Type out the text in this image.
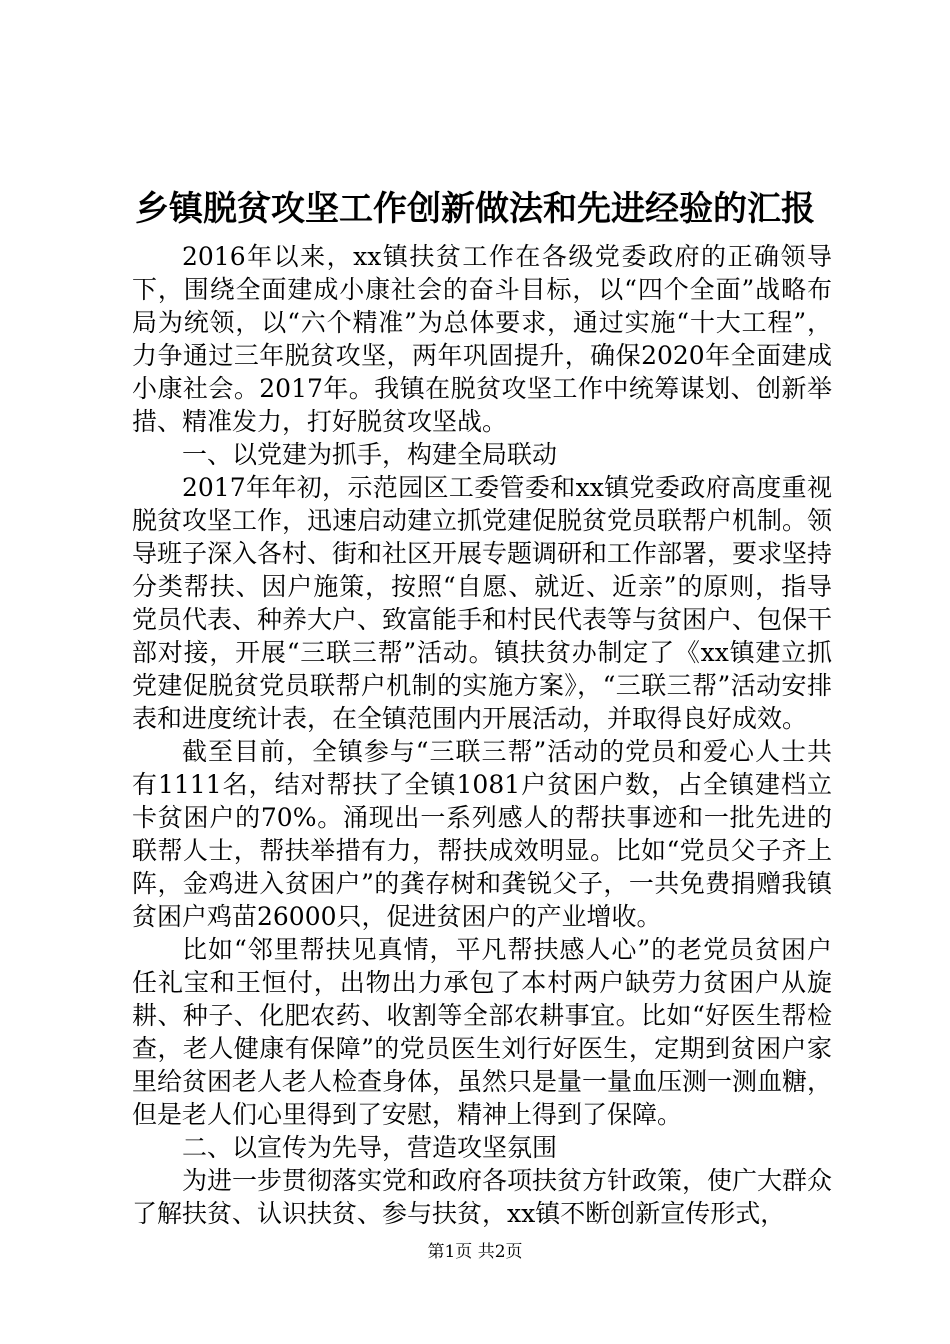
乡镇脱贫攻坚工作创新做法和先进经验的汇报

2016年以来，xx镇扶贫工作在各级党委政府的正确领导下，围绕全面建成小康社会的奋斗目标，以“四个全面”战略布局为统领，以“六个精准”为总体要求，通过实施“十大工程”，力争通过三年脱贫攻坚，两年巩固提升，确保2020年全面建成小康社会。2017年。我镇在脱贫攻坚工作中统筹谋划、创新举措、精准发力，打好脱贫攻坚战。

一、以党建为抓手，构建全局联动

2017年年初，示范园区工委管委和xx镇党委政府高度重视脱贫攻坚工作，迅速启动建立抓党建促脱贫党员联帮户机制。领导班子深入各村、街和社区开展专题调研和工作部署，要求坚持分类帮扶、因户施策，按照“自愿、就近、近亲”的原则，指导党员代表、种养大户、致富能手和村民代表等与贫困户、包保干部对接，开展“三联三帮”活动。镇扶贫办制定了《xx镇建立抓党建促脱贫党员联帮户机制的实施方案》，“三联三帮”活动安排表和进度统计表，在全镇范围内开展活动，并取得良好成效。

截至目前，全镇参与“三联三帮”活动的党员和爱心人士共有1111名，结对帮扶了全镇1081户贫困户数，占全镇建档立卡贫困户的70%。涌现出一系列感人的帮扶事迹和一批先进的联帮人士，帮扶举措有力，帮扶成效明显。比如“党员父子齐上阵，金鸡进入贫困户”的龚存树和龚锐父子，一共免费捐赠我镇贫困户鸡苗26000只，促进贫困户的产业增收。

比如“邻里帮扶见真情，平凡帮扶感人心”的老党员贫困户任礼宝和王恒付，出物出力承包了本村两户缺劳力贫困户从旋耕、种子、化肥农药、收割等全部农耕事宜。比如“好医生帮检查，老人健康有保障”的党员医生刘行好医生，定期到贫困户家里给贫困老人老人检查身体，虽然只是量一量血压测一测血糖，但是老人们心里得到了安慰，精神上得到了保障。

二、以宣传为先导，营造攻坚氛围

为进一步贯彻落实党和政府各项扶贫方针政策，使广大群众了解扶贫、认识扶贫、参与扶贫，xx镇不断创新宣传形式，

第1页 共2页
